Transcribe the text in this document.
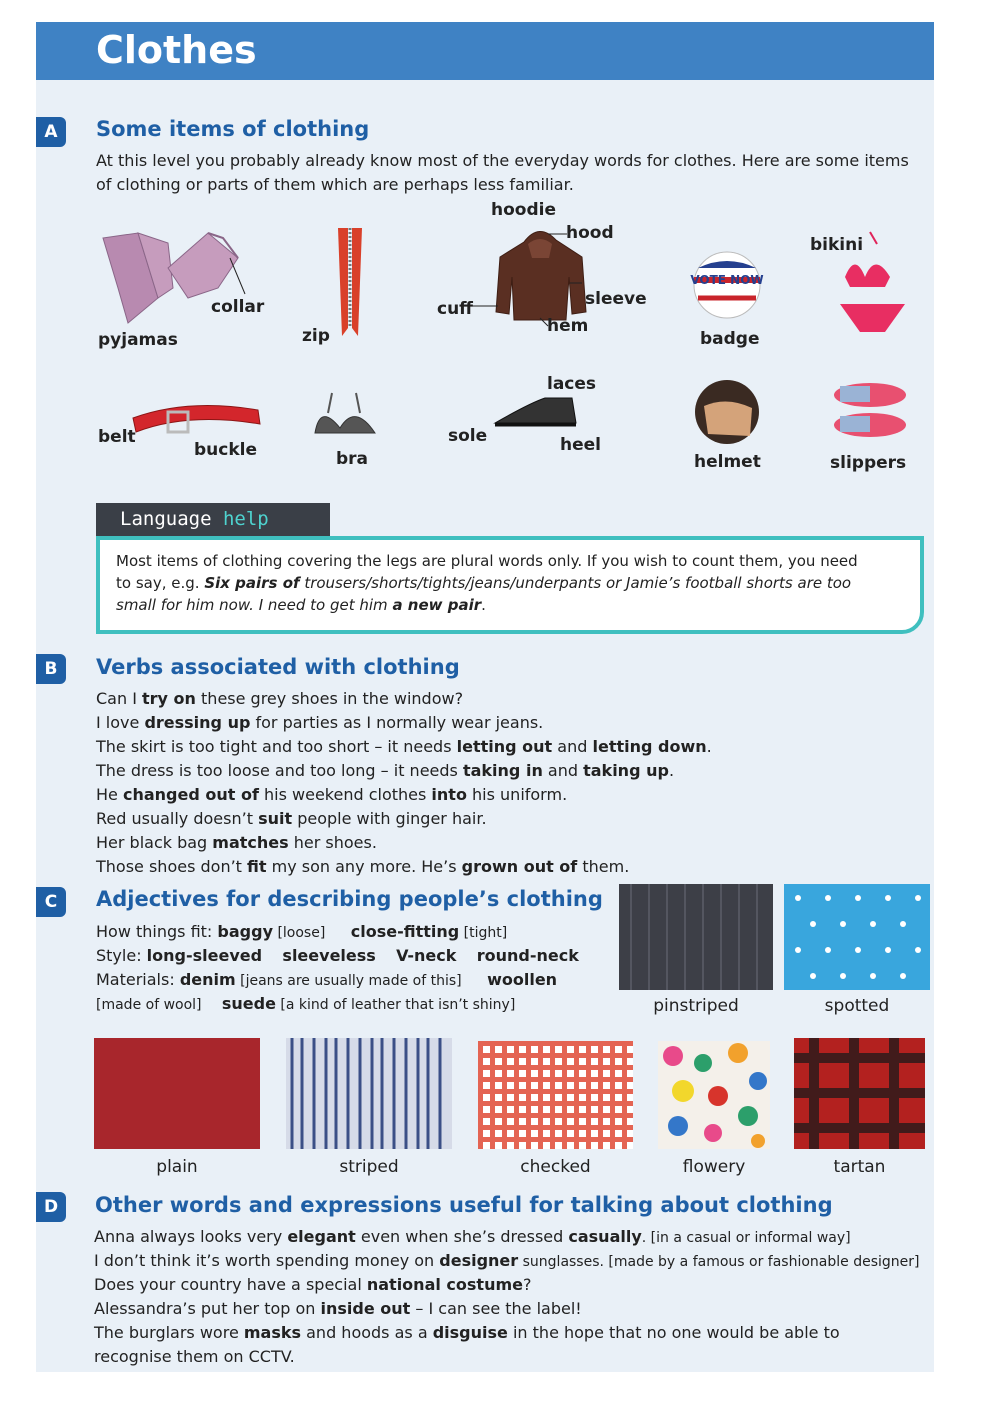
Clothes
A	Some items of clothing
At this level you probably already know most of the everyday words for clothes. Here are some items
of clothing or parts of them which are perhaps less familiar.
pyjamas
collar
zip
hoodie
hood
cuff	sleeve
hem
VOTE NOW
badge
bikini
belt
buckle	bra
laces
sole	heel
helmet	slippers
Language help
Most items of clothing covering the legs are plural words only. If you wish to count them, you need
to say, e.g. Six pairs of trousers/shorts/tights/jeans/underpants or Jamie’s football shorts are too
small for him now. I need to get him a new pair.
B	Verbs associated with clothing
Can I try on these grey shoes in the window?
I love dressing up for parties as I normally wear jeans.
The skirt is too tight and too short – it needs letting out and letting down.
The dress is too loose and too long – it needs taking in and taking up.
He changed out of his weekend clothes into his uniform.
Red usually doesn’t suit people with ginger hair.
Her black bag matches her shoes.
Those shoes don’t fit my son any more. He’s grown out of them.
C	Adjectives for describing people’s clothing
How things fit: baggy [loose] close-fitting [tight]
Style: long-sleeved sleeveless V-neck round-neck
Materials: denim [jeans are usually made of this] woollen
[made of wool] suede [a kind of leather that isn’t shiny]	pinstriped	spotted
plain	striped	checked	flowery	tartan
D	Other words and expressions useful for talking about clothing
Anna always looks very elegant even when she’s dressed casually. [in a casual or informal way]
I don’t think it’s worth spending money on designer sunglasses. [made by a famous or fashionable designer]
Does your country have a special national costume?
Alessandra’s put her top on inside out – I can see the label!
The burglars wore masks and hoods as a disguise in the hope that no one would be able to
recognise them on CCTV.
